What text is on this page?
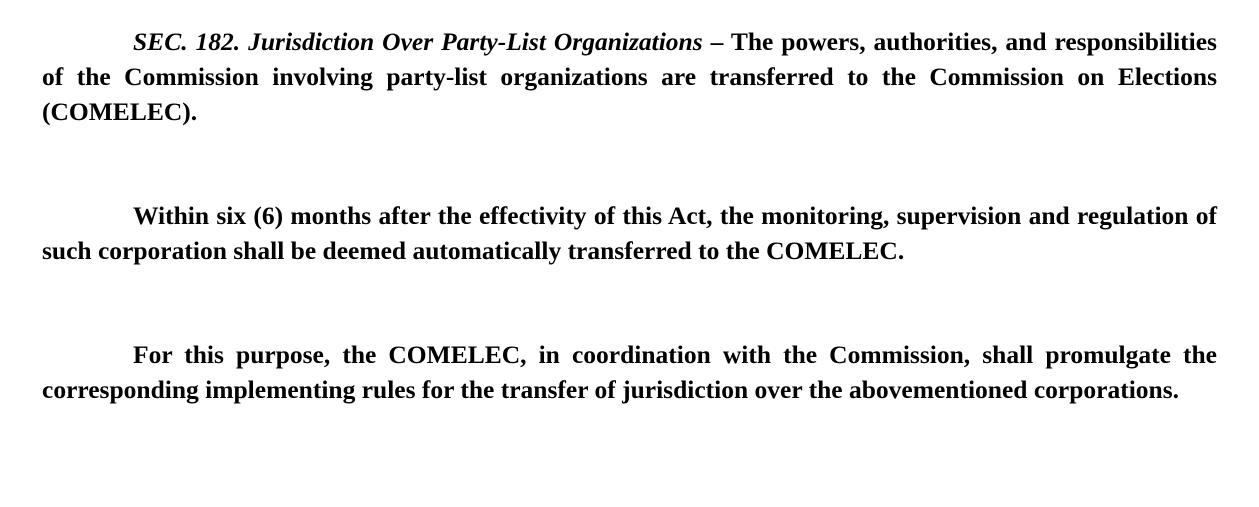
SEC. 182. Jurisdiction Over Party-List Organizations – The powers, authorities, and responsibilities of the Commission involving party-list organizations are transferred to the Commission on Elections (COMELEC).

Within six (6) months after the effectivity of this Act, the monitoring, supervision and regulation of such corporation shall be deemed automatically transferred to the COMELEC.

For this purpose, the COMELEC, in coordination with the Commission, shall promulgate the corresponding implementing rules for the transfer of jurisdiction over the abovementioned corporations.
